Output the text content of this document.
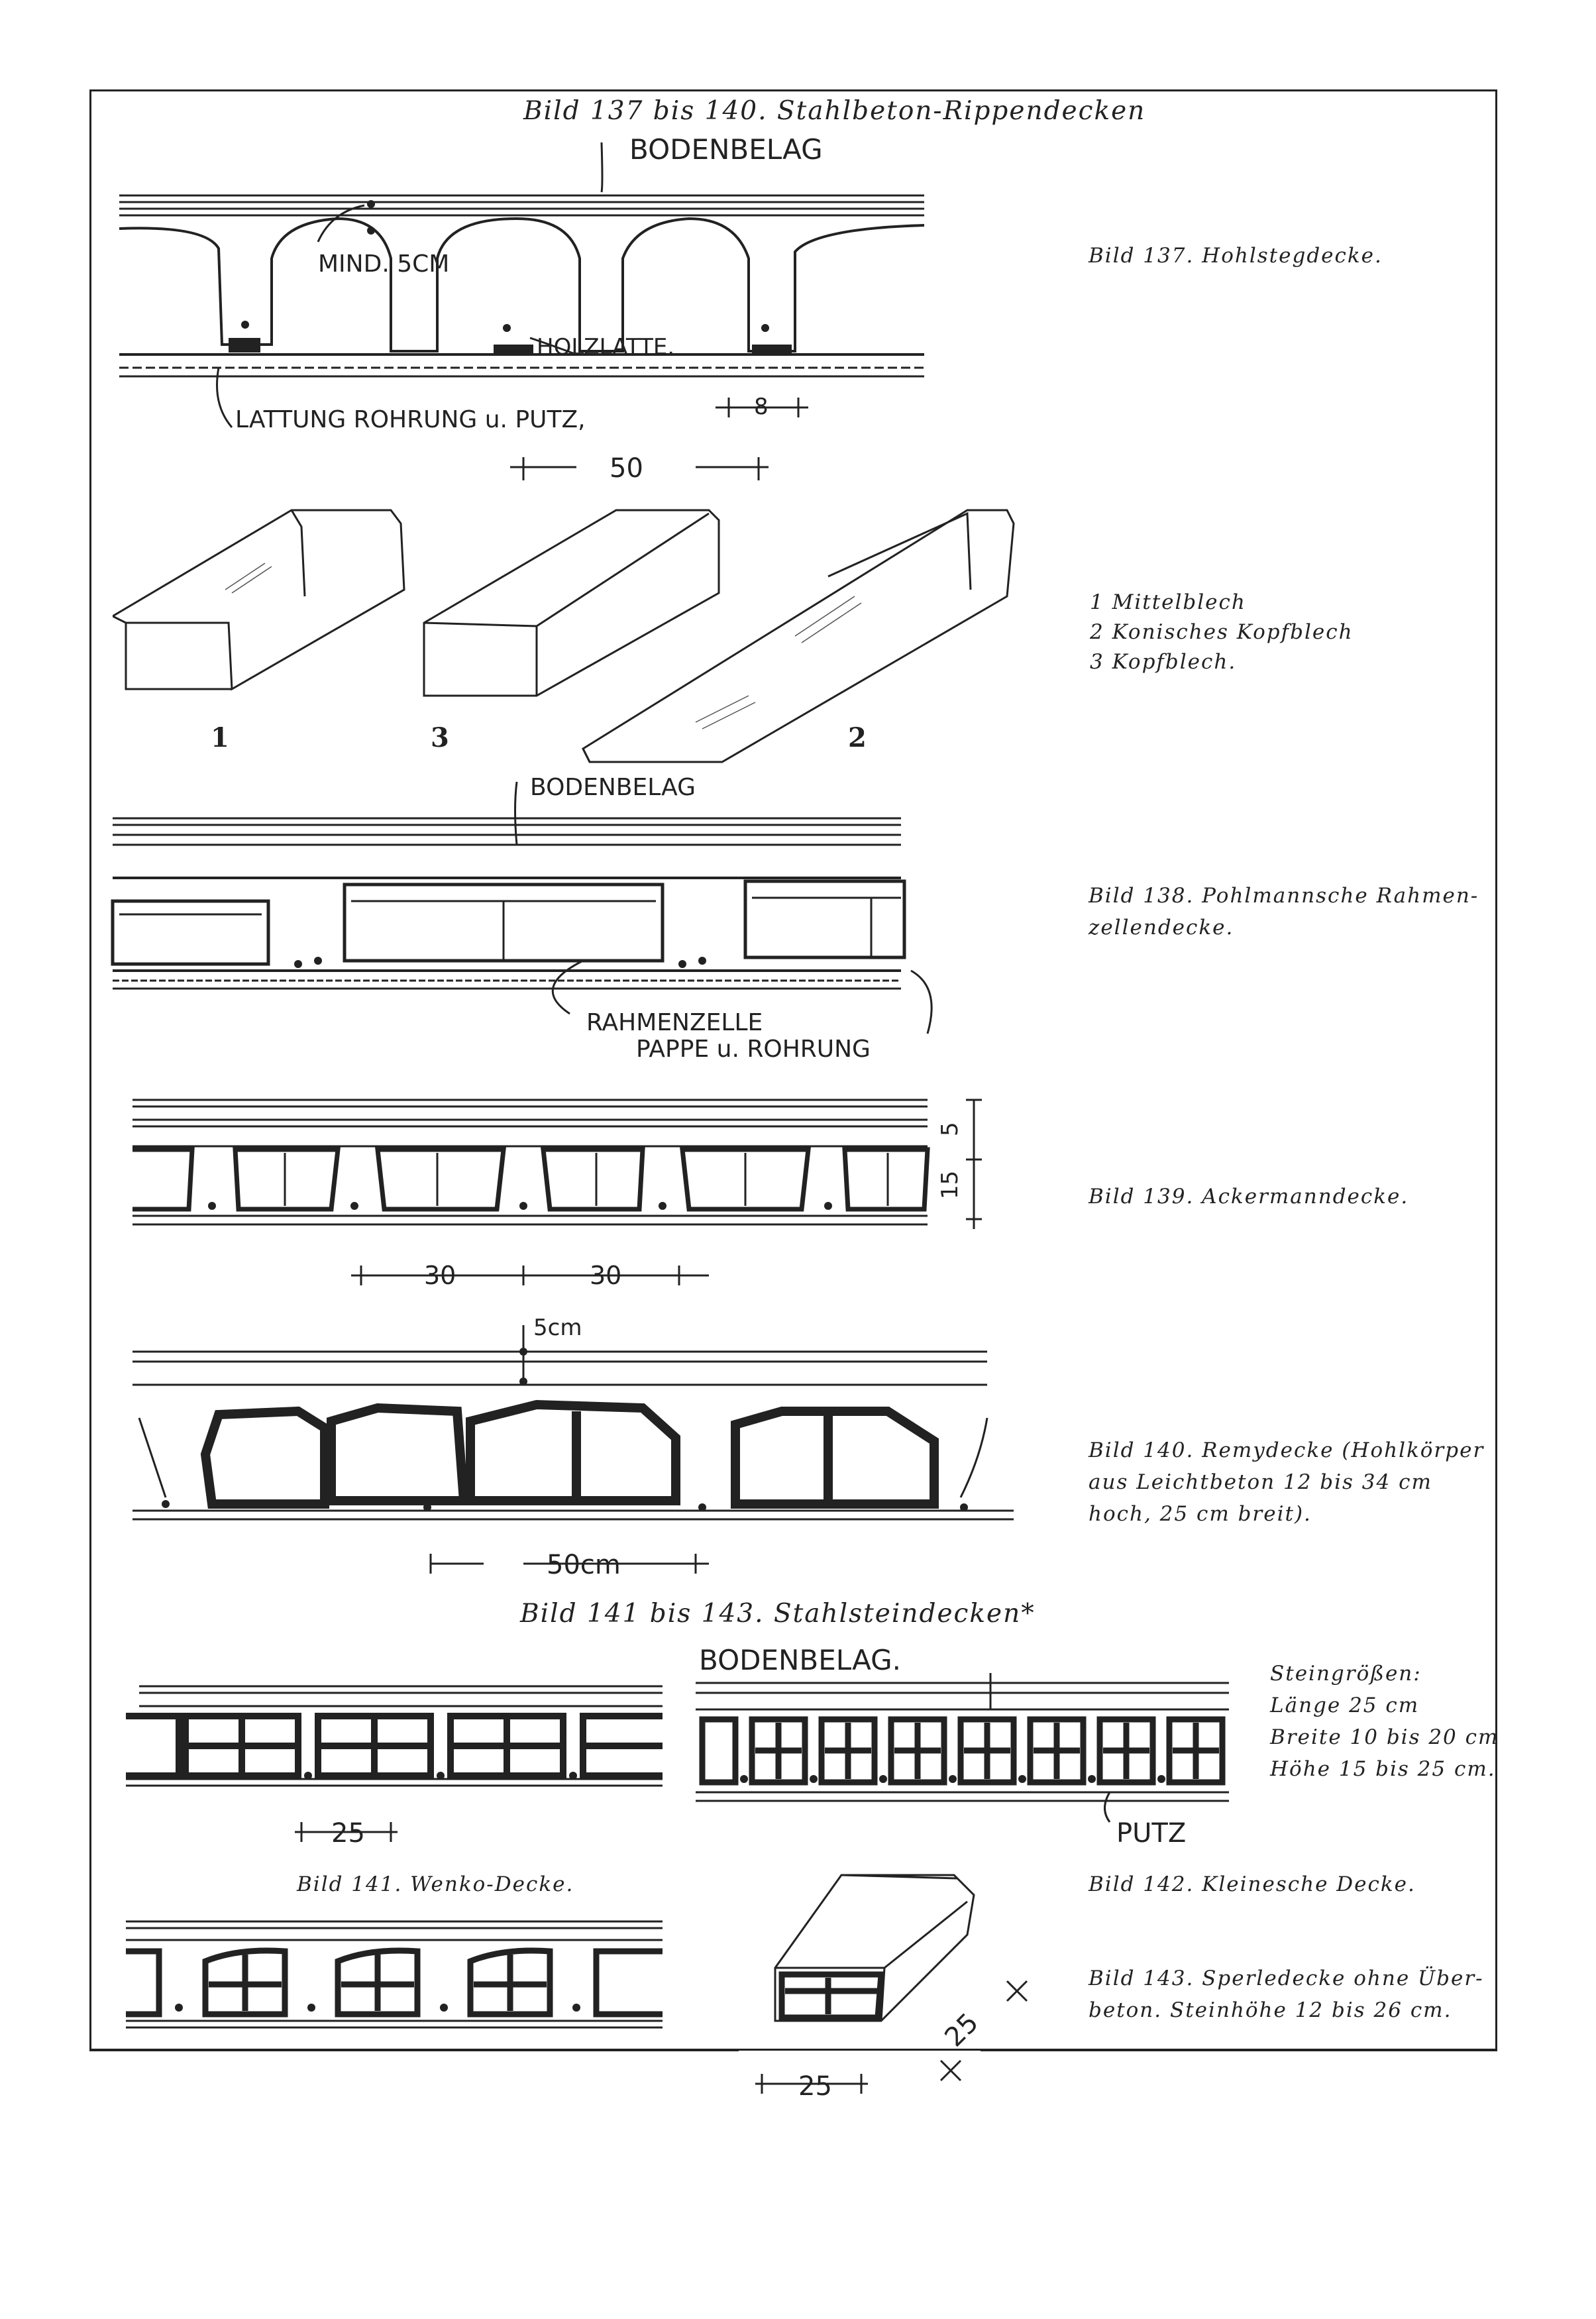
Bild 137 bis 140. Stahlbeton-Rippendecken
Bild 141 bis 143. Stahlsteindecken*
BODENBELAG
MIND. 5CM
HOLZLATTE.
LATTUNG ROHRUNG u. PUTZ,	8
50
Bild 137. Hohlstegdecke.
1	3	2
1 Mittelblech
2 Konisches Kopfblech
3 Kopfblech.
BODENBELAG
RAHMENZELLE
PAPPE u. ROHRUNG
Bild 138. Pohlmannsche Rahmen-
zellendecke.
15
5
30	30
Bild 139. Ackermanndecke.
5cm
50cm
Bild 140. Remydecke (Hohlkörper
aus Leichtbeton 12 bis 34 cm
hoch, 25 cm breit).
25
Bild 141. Wenko-Decke.
BODENBELAG.
PUTZ
Steingrößen:
Länge 25 cm
Breite 10 bis 20 cm
Höhe 15 bis 25 cm.
Bild 142. Kleinesche Decke.
25
25
Bild 143. Sperledecke ohne Über-
beton. Steinhöhe 12 bis 26 cm.
